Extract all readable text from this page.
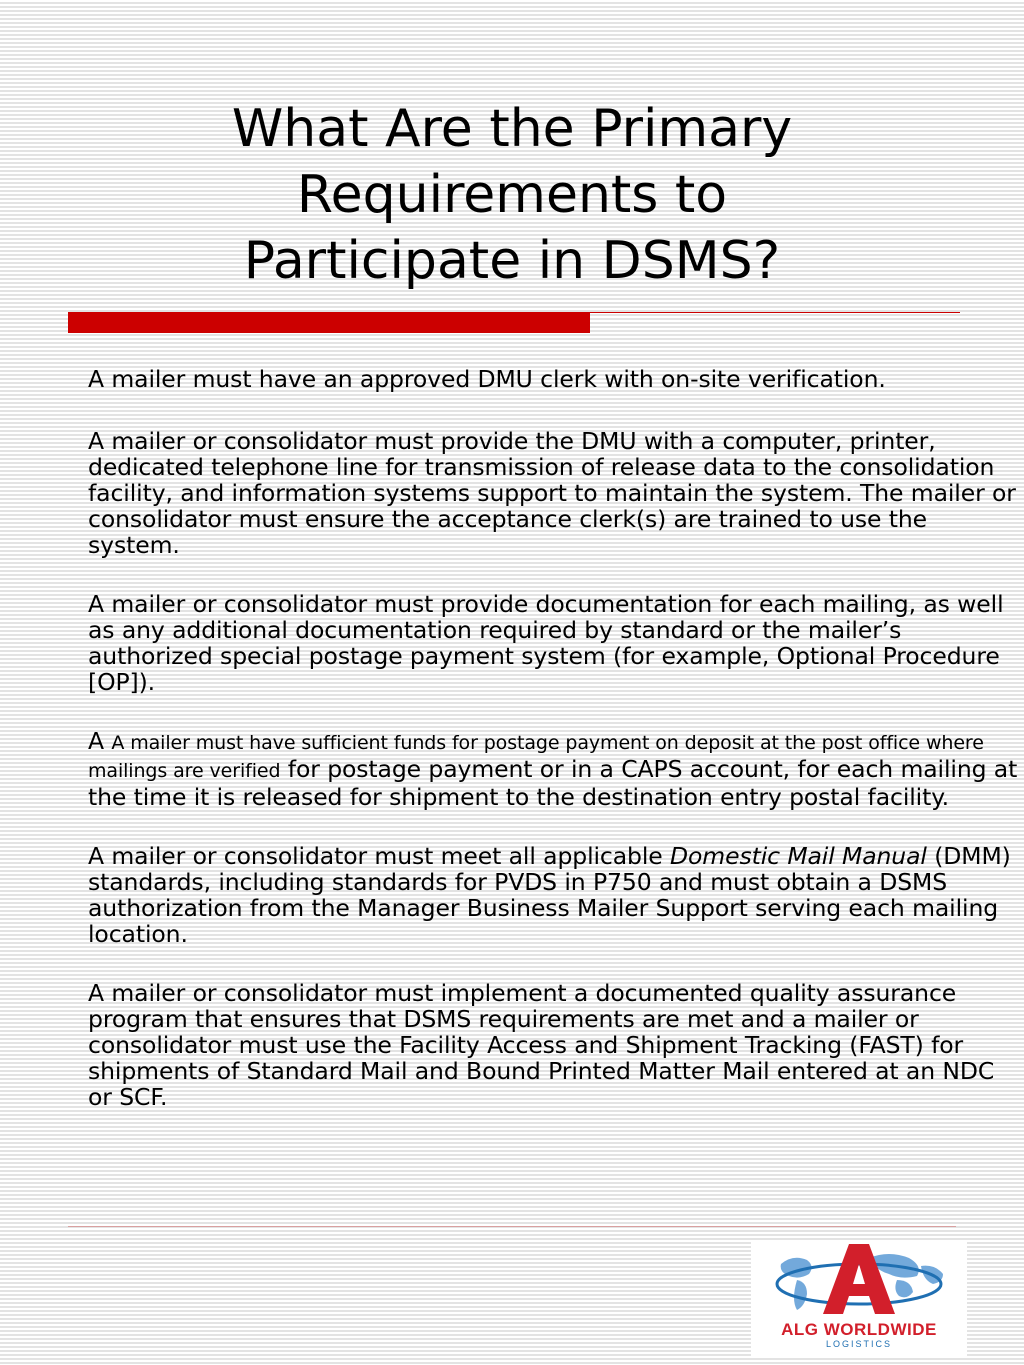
What Are the Primary
Requirements to
Participate in DSMS?

A mailer must have an approved DMU clerk with on-site verification.

A mailer or consolidator must provide the DMU with a computer, printer, dedicated telephone line for transmission of release data to the consolidation facility, and information systems support to maintain the system. The mailer or consolidator must ensure the acceptance clerk(s) are trained to use the system.

A mailer or consolidator must provide documentation for each mailing, as well as any additional documentation required by standard or the mailer’s authorized special postage payment system (for example, Optional Procedure [OP]).

A A mailer must have sufficient funds for postage payment on deposit at the post office where mailings are verified for postage payment or in a CAPS account, for each mailing at the time it is released for shipment to the destination entry postal facility.

A mailer or consolidator must meet all applicable Domestic Mail Manual (DMM) standards, including standards for PVDS in P750 and must obtain a DSMS authorization from the Manager Business Mailer Support serving each mailing location.

A mailer or consolidator must implement a documented quality assurance program that ensures that DSMS requirements are met and a mailer or consolidator must use the Facility Access and Shipment Tracking (FAST) for shipments of Standard Mail and Bound Printed Matter Mail entered at an NDC or SCF.

ALG WORLDWIDE
LOGISTICS
